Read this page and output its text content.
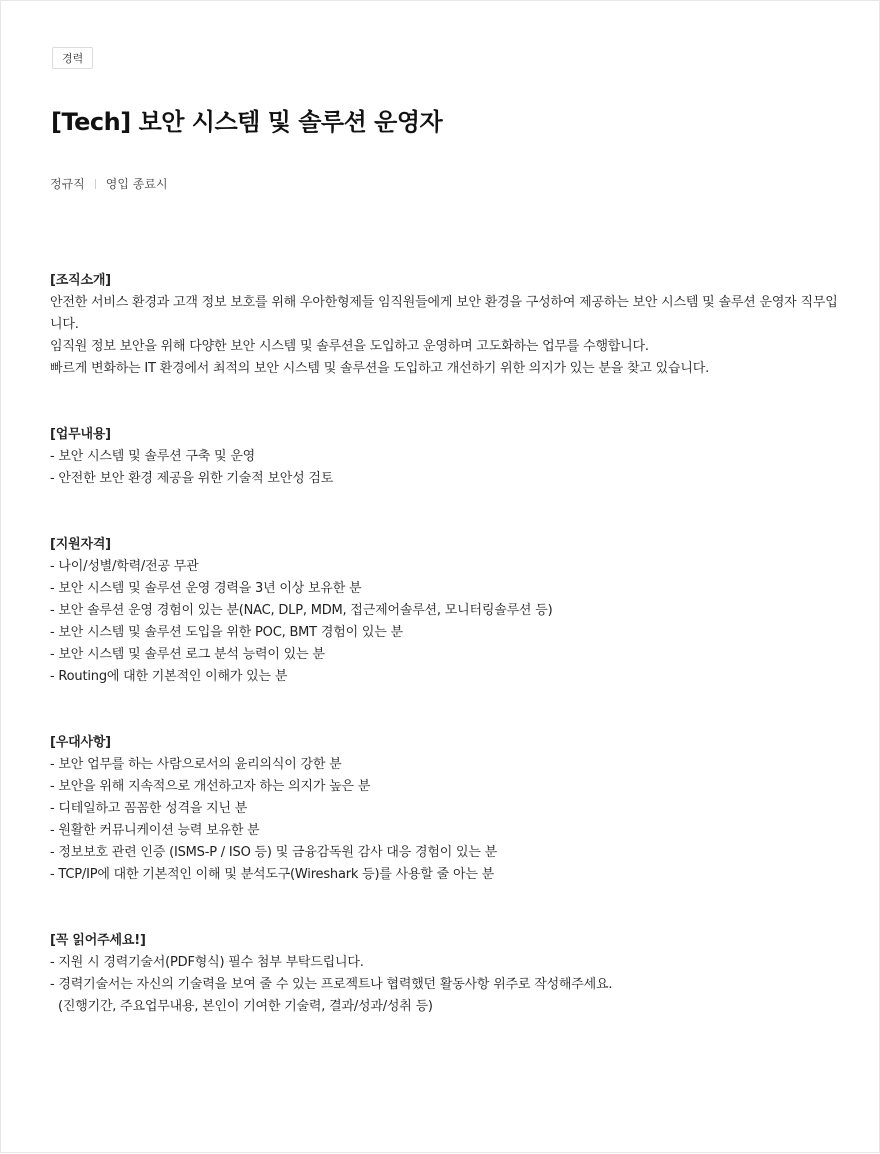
경력
[Tech] 보안 시스템 및 솔루션 운영자
정규직 영입 종료시
[조직소개]

안전한 서비스 환경과 고객 정보 보호를 위해 우아한형제들 임직원들에게 보안 환경을 구성하여 제공하는 보안 시스템 및 솔루션 운영자 직무입니다.

임직원 정보 보안을 위해 다양한 보안 시스템 및 솔루션을 도입하고 운영하며 고도화하는 업무를 수행합니다.

빠르게 변화하는 IT 환경에서 최적의 보안 시스템 및 솔루션을 도입하고 개선하기 위한 의지가 있는 분을 찾고 있습니다.

[업무내용]

- 보안 시스템 및 솔루션 구축 및 운영

- 안전한 보안 환경 제공을 위한 기술적 보안성 검토

[지원자격]

- 나이/성별/학력/전공 무관

- 보안 시스템 및 솔루션 운영 경력을 3년 이상 보유한 분

- 보안 솔루션 운영 경험이 있는 분(NAC, DLP, MDM, 접근제어솔루션, 모니터링솔루션 등)

- 보안 시스템 및 솔루션 도입을 위한 POC, BMT 경험이 있는 분

- 보안 시스템 및 솔루션 로그 분석 능력이 있는 분

- Routing에 대한 기본적인 이해가 있는 분

[우대사항]

- 보안 업무를 하는 사람으로서의 윤리의식이 강한 분

- 보안을 위해 지속적으로 개선하고자 하는 의지가 높은 분

- 디테일하고 꼼꼼한 성격을 지닌 분

- 원활한 커뮤니케이션 능력 보유한 분

- 정보보호 관련 인증 (ISMS-P / ISO 등) 및 금융감독원 감사 대응 경험이 있는 분

- TCP/IP에 대한 기본적인 이해 및 분석도구(Wireshark 등)를 사용할 줄 아는 분

[꼭 읽어주세요!]

- 지원 시 경력기술서(PDF형식) 필수 첨부 부탁드립니다.

- 경력기술서는 자신의 기술력을 보여 줄 수 있는 프로젝트나 협력했던 활동사항 위주로 작성해주세요.

(진행기간, 주요업무내용, 본인이 기여한 기술력, 결과/성과/성취 등)
